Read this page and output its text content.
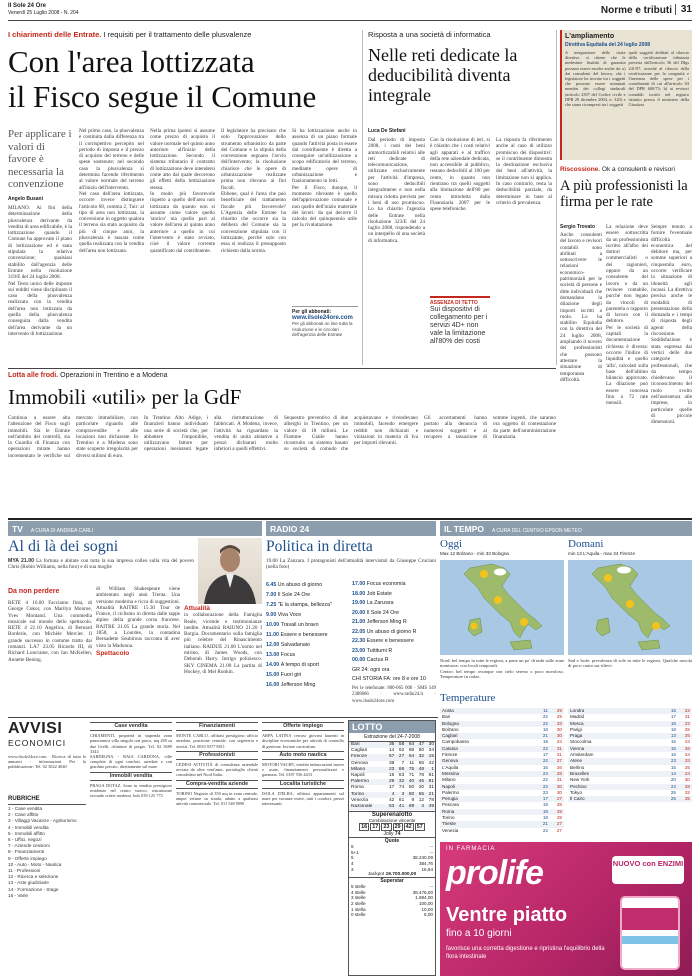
Il Sole 24 Ore
Venerdì 25 Luglio 2008 - N. 204	Norme e tributi 31
I chiarimenti delle Entrate. I requisiti per il trattamento delle plusvalenze
Con l'area lottizzata
il Fisco segue il Comune
Per applicare i valori di favore è necessaria la convenzione
Angelo Busani

MILANO. Ai fini della determinazione della plusvalenza derivante da vendita di area edificabile, è la lottizzazione quando il Comune ha approvato il piano di lottizzazione ed è stata stipulata la relativa convenzione; qualsiasi stabilito dall'agenzia delle Entrate nella risoluzione 319/E del 24 luglio 2008.

Nel Testo unico delle imposte sui redditi viene disciplinato il caso della plusvalenza realizzata con la vendita dell'area non lottizzata da quella della plusvalenza conseguita dalla vendita dell'area derivante da un intervento di lottizzazione.

Nel primo caso, la plusvalenza è costituita dalla differenza tra il corrispettivo percepito nel periodo di imposta e il prezzo di acquisto del terreno e delle spese sostenute; nel secondo caso la plusvalenza si determina facendo riferimento al valore normale del terreno all'inizio dell'intervento.

Nel caso dell'area lottizzata, occorre invece distinguere l'articolo 68, comma 2, Tuir: al tipo di area non lottizzata, la conversione in oggetto qualora il terreno sia stato acquisito da più di cinque anni, la plusvalenza è tassata come quella realizzata con la vendita dell'area non lottizzata.

Nella prima ipotesi si assume come prezzo di acquisto il valore normale nel quinto anno anteriore all'inizio della lottizzazione. Secondo il sistema tributario il contratto di lottizzazione deve intendersi come atto dal quale decorrono gli effetti della lottizzazione stessa.

In modo più favorevole rispetto a quello dell'area non lottizzata da quanto non si assume come valore quello 'storico' ma quello pari al valore dell'area al quinto anno anteriore a quello in cui l'intervento è stato avviato, cioè il valore corrente quantificato dal contribuente.

Il legislatore ha precisato che solo l'approvazione dello strumento urbanistico da parte del Comune e la stipula della convenzione segnano l'avvio dell'intervento; la risoluzione chiarisce che le opere di urbanizzazione realizzate prima non rilevano ai fini fiscali.

Ebbene, qual è l'area che può beneficiare del trattamento fiscale più favorevole? L'Agenzia delle Entrate ha chiarito che occorre sia la delibera del Comune sia la convenzione stipulata con il lottizzante, perché solo con essa si realizza il presupposto richiesto dalla norma.

Si ha lottizzazione anche in assenza di un piano formale quando l'attività posta in essere dal contribuente è diretta a conseguire un'utilizzazione a scopo edificatorio del terreno, mediante opere di urbanizzazione e frazionamento in lotti.

Per il Fisco, dunque, il momento rilevante è quello dell'approvazione comunale e non quello dell'inizio materiale dei lavori: da qui decorre il calcolo del quinquennio utile per la rivalutazione.

Per gli abbonati:
www.ilsole24ore.com
Per gli abbonati on line tutta la risoluzione e le circolari dell'agenzia delle Entrate
Risposta a una società di informatica
Nelle reti dedicate la deducibilità diventa integrale
Luca De Stefani

Dal periodo di imposta 2008, i costi dei beni ammortizzabili relativi alle reti dedicate di telecomunicazione, utilizzate esclusivamente per l'attività d'impresa, sono deducibili integralmente e non nella misura ridotta prevista per i beni di uso promiscuo. Lo ha chiarito l'agenzia delle Entrate nella risoluzione 323/E del 24 luglio 2008, rispondendo a un interpello di una società di informatica.

ASSENZA DI TETTO
Sui dispositivi di collegamento per i servizi 4D+ non vale la limitazione all'80% dei costi

Con la risoluzione di ieri, si è chiarito che i costi relativi agli apparati e al traffico della rete aziendale dedicata, non accessibile al pubblico, restano deducibili al 100 per cento, in quanto non rientrano tra quelli soggetti alla limitazione dell'80 per cento introdotta dalla Finanziaria 2007 per le spese telefoniche.

La risposta fa riferimento anche al caso di utilizzo promiscuo dei dispositivi: se il contribuente dimostra la destinazione esclusiva dei beni all'attività, la limitazione non si applica. In caso contrario, resta la deducibilità parziale, da determinare in base al criterio di prevalenza.

L'ampliamento
Direttiva Equitalia del 24 luglio 2008
A integrazione delle citate direttive, si ritiene che le medesime finalità di garanzia possano essere assolte anche da: a) dai consulenti del lavoro, che i legislatore ha trovato tra i soggetti che possono essere nominati membri dei collegi sindacali (articolo 2397 del Codice civile e DPR 29 dicembre 2004, n. 320) e che siano ricompresi tra i soggetti
quali soggetti abilitati al rilascio della certificazione tributaria prevista dall'articolo 36 del Dlgs 241/97, nonché al rilascio della certificazione per la congruità e l'inerenza delle spese per i contribuenti di cui all'articolo 63 del DPR 600/73; b) ai revisori contabili iscritti nel registro istituito presso il ministero della Giustizia
Riscossione. Ok a consulenti e revisori
A più professionisti la firma per le rate
Sergio Trovato

Anche consulenti del lavoro e revisori contabili sono abilitati a sottoscrivere le relazioni economico-patrimoniali per le società di persone e ditte individuali che domandano la dilazione degli importi iscritti a ruolo. Lo ha stabilito Equitalia con la direttiva del 24 luglio 2008, ampliando il novero dei professionisti che possono attestare la situazione di temporanea difficoltà.

La relazione deve essere sottoscritta da un professionista iscritto all'albo dei dottori commercialisti o dei ragionieri, oppure da un consulente del lavoro o da un revisore contabile, purché non legato da vincoli di parentela o rapporto di lavoro con il debitore.

Per le società di capitali la documentazione richiesta è diversa: occorre l'indice di liquidità e quello 'alfa', calcolati sulla base dell'ultimo bilancio approvato. La dilazione può essere concessa fino a 72 rate mensili.

Sempre tenuto a fornire l'eventuale difficoltà economica del debitore ma, per somme superiori a cinquemila euro, occorre verificare la situazione di idoneità agli incassi. La direttiva precisa anche le modalità di presentazione della domanda e i tempi di risposta degli agenti della riscossione.

Soddisfazione è stata espressa dai vertici delle due categorie professionali, che da tempo chiedevano il riconoscimento del ruolo svolto nell'assistenza alle imprese, in particolare quelle di piccole dimensioni.

Lotta alle frodi. Operazioni in Trentino e a Modena
Immobili «utili» per la GdF

Continua a essere alta l'attenzione del Fisco sugli immobili. Sia le Entrate nell'ambito dei controlli, sia la Guardia di Finanza con operazioni mirate hanno incrementato le verifiche sul mercato immobiliare, con particolare riguardo alle compravendite e alle locazioni non dichiarate. In Trentino e a Modena sono state scoperte irregolarità per diversi milioni di euro.

In Trentino Alto Adige, i finanzieri hanno individuato una serie di società che, per abbattere l'imponibile, utilizzavano fatture per operazioni inesistenti legate alla ristrutturazione di fabbricati. A Modena, invece, l'attività ha riguardato la vendita di unità abitative a prezzi dichiarati molto inferiori a quelli effettivi.

Sequestro preventivo di due alberghi in Trentino, per un valore di 18 milioni. Le Fiamme Gialle hanno ricostruito un sistema basato su società di comodo che acquistavano e rivendevano immobili, facendo emergere redditi non dichiarati e violazioni in materia di Iva per importi rilevanti.

Gli accertamenti hanno portato alla denuncia di numerosi soggetti e al recupero a tassazione di somme ingenti, che saranno ora oggetto di contestazione da parte dell'amministrazione finanziaria.

TV A CURA DI ANDREA CARLI
Al di là dei sogni
MYA 21.00 La fortuna e abitate con tutta la sua impresa colleo sulla vita del povero Chris (Robin Williams, nella foto) e di sua moglie
Da non perdere
RETE 4 16.00 Facciamo finta, di George Cukor, con Marilyn Monroe, Yves Montand. Una commedia musicale sul mondo dello spettacolo. RETE 4 21.10 Angelica, di Bernard Borderie, con Michèle Mercier. Il grande successo in costume tratto dai romanzi. LA7 23.05 Ricardo III, di Richard Loncraine, con Ian McKellen, Annette Bening.
di William Shakespeare viene ambientato negli anni Trenta. Una versione moderna e ricca di suggestioni. Attualità RAITRE 15.30 Tour de France, il ciclismo in diretta dalle tappe alpine della grande corsa francese. RAITRE 21.05 La grande storia. Nel 1858, a Lourdes, la contadina Bernadette Soubirous racconta di aver visto la Madonna.
Spettacolo
Attualità
in collaborazione della Famiglia Reale, vicende e testimonianze inedite. Attualità RAIUNO 21.20 I Borgia. Documentario sulla famiglia più celebre del Rinascimento italiano. RAIDUE 21.00 L'uomo nel mirino, di James Woods, con Deborah Harry. Intrigo poliziesco. SKY CINEMA 21.00 La partita di Hockey, di Mel Ronkin.
RADIO 24
Politica in diretta
19.00 La Zanzara. I protagonisti dell'attualità intervistati da Giuseppe Cruciani (nella foto)
6.45 Un abuso di giorno
7.00 Il Sole 24 Ore
7.25 "E la stampa, bellezza"
9.00 Viva Voce
10.00 Travail un bravo
11.00 Essere e benessere
12.00 Salvadanaio
13.00 Focus
14.00 A tempo di sport
15.00 Fuori giri
16.00 Jefferson Ming
17.00 Focus economia
18.00 Job Estate
19.00 La Zanzara
20.00 Il Sole 24 Ore
21.00 Jefferson Ming R
22.05 Un abuso di giorno R
22.30 Essere e benessere
23.00 Tuttitumi R
00.00 Cactus R
GR 24: ogni ora
CHI STORIA FA: ore 8 e ore 10
Per le telefonate: 800-065 000 · SMS 349 2388666 · www.radio24.it · www.ilsole24ore.com
IL TEMPO A CURA DEL CENTRO EPSON METEO
Oggi
Max 12 Bolzano - min 33 Bologna
Domani
min 13 L'Aquila - max 34 Firenze

Nord: bel tempo in tutte le regioni, a parte un po' di nubi sulle zone montuose, con locali temporali.

Centro: bel tempo ovunque con cielo sereno o poco nuvoloso. Temperature in rialzo.

Sud e Isole: prevalenza di sole in tutte le regioni. Qualche nuvola di poco conto sui rilievi.

Temperature
Aosta	11 29
Bari	22 29
Bologna	22 33
Bolzano	18 30
Cagliari	21 30
Campobasso	18 24
Catania	22 31
Firenze	17 31
Genova	22 27
L'Aquila	16 26
Messina	24 28
Milano	22 31
Napoli	22 30
Palermo	23 30
Perugia	17 27
Pescara	19 28
Roma	18 29
Torino	19 29
Trieste	21 27
Venezia	22 27
Londra	15 22
Madrid	17 31
Mosca	16 22
Parigi	18 25
Praga	13 25
Stoccolma	15 24
Vienna	16 26
Amsterdam	16 24
Atene	23 33
Berlino	15 25
Bruxelles	14 24
New York	20 30
Pechino	24 28
Tokyo	25 32
Il Cairo	25 35
AVVISI
ECONOMICI
www.ilsole24ore.com · Ricerca di tutta le annunci - informazioni Per la pubblicazione: Tel. 02 3022 4040
RUBRICHE
1 - Case vendita
2 - Case affitto
3 - Villaggi Vacanze - Agriturismo
4 - Immobili vendita
5 - Immobili affitto
6 - Uffici, negozi
7 - Aziende cessioni
8 - Finanziamenti
9 - Offerte impiego
10 - Auto - Moto - Nautica
11 - Professioni
12 - Ricerca e selezione
13 - Aste giudiziarie
14 - Formazione - Stage
15 - Varie
Case vendita

CHIAMENTI, proprietà in stupenda zona panoramica villa singola con parco, mq 280 su due livelli, rifiniture di pregio. Tel. 02 5689 3344

SARDEGNA - BAIA CARDONA, ville complete di ogni comfort, arredate e con giardino privato, direttamente sul mare.

Immobili vendita

PRAGA DOTAZ. Sono in vendita prestigiose residenze nel centro storico, ristrutturate secondo criteri moderni. Info 039 125 773

Finanziamenti

MONTE CARLO, affittasi prestigioso ufficio arredato, posizione centrale, con segreteria e servizi. Tel. 0033 9377 8811

Professionisti

CEDESI ATTIVITÀ di consulenza aziendale avviata da oltre vent'anni, portafoglio clienti consolidato nel Nord Italia.

Compra-vendita aziende

TORINO Negozio di 350 mq in zona centrale, ampie vetrine su strada, adatto a qualsiasi attività commerciale. Tel. 011 548 9090

Offerte impiego

ARPA LATINA cercasi giovani laureati in discipline economiche per attività di controllo di gestione. Inviare curriculum.

Auto moto nautica

MOTORI VACHT, vendita imbarcazioni nuove e usate, finanziamenti personalizzati e garanzia. Tel. 0187 556 4433

Localita turistiche

ISOLA D'ELBA, affittasi appartamenti sul mare per vacanze estive, tutti i comfort, prezzi interessanti.

LOTTO
Estrazione del 24-7-2008
Bari	36	58	64	47	30
Cagliari	14	62	88	50	34
Firenze	57	27	64	32	15
Genova	38	7	11	55	42
Milano	23	86	75	48	1
Napoli	16	83	71	78	81
Palermo	29	32	40	45	81
Roma	17	74	50	20	31
Torino	4	3	80	55	21
Venezia	42	61	9	12	78
Nazionale	53	41	88	4	49
Superenalotto
Combinazione vincente
16 17 23 29 42 57
Jolly 74
Quote
6	--
5+1	--
5	38.240,09
4	384,76
3	16,94
Jackpot 19.700.000,00
Superstar
5 stelle	--
4 stelle	38.476,00
3 stelle	1.694,00
2 stelle	100,00
1 stella	10,00
0 stelle	5,00
IN FARMACIA
prolife	NUOVO con ENZIMI
Ventre piatto
fino a 10 giorni
favorisce una corretta digestione e ripristina l'equilibrio della flora intestinale
